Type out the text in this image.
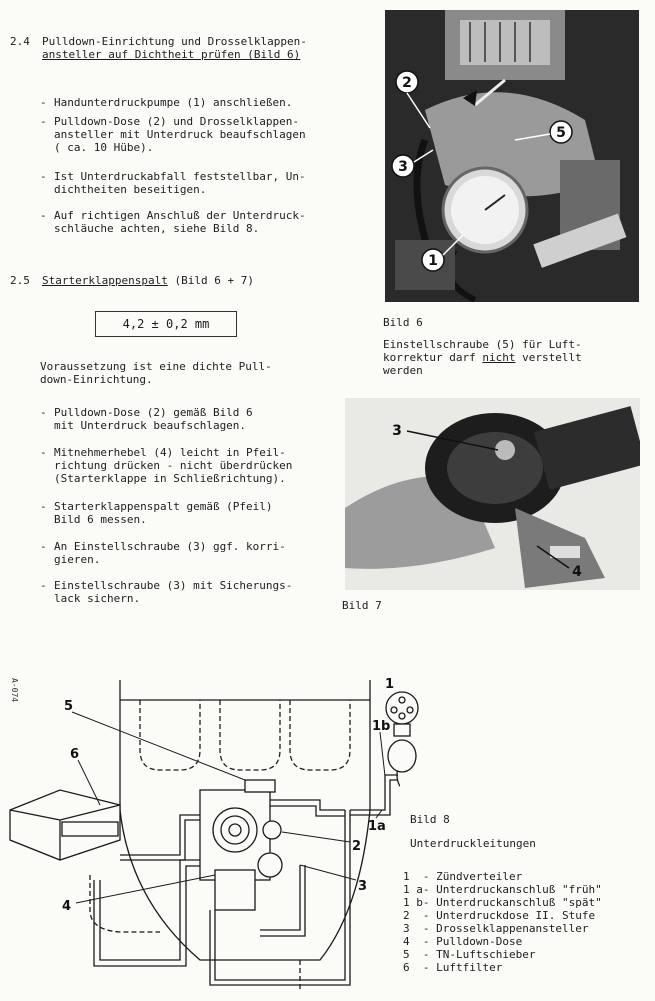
2.4 Pulldown-Einrichtung und Drosselklappen-
ansteller auf Dichtheit prüfen (Bild 6)
- Handunterdruckpumpe (1) anschließen.
- Pulldown-Dose (2) und Drosselklappen-
ansteller mit Unterdruck beaufschlagen
( ca. 10 Hübe).
- Ist Unterdruckabfall feststellbar, Un-
dichtheiten beseitigen.
- Auf richtigen Anschluß der Unterdruck-
schläuche achten, siehe Bild 8.
2.5 Starterklappenspalt (Bild 6 + 7)
4,2 ± 0,2 mm
Voraussetzung ist eine dichte Pull-
down-Einrichtung.
- Pulldown-Dose (2) gemäß Bild 6
mit Unterdruck beaufschlagen.
- Mitnehmerhebel (4) leicht in Pfeil-
richtung drücken - nicht überdrücken
(Starterklappe in Schließrichtung).
- Starterklappenspalt gemäß (Pfeil)
Bild 6 messen.
- An Einstellschraube (3) ggf. korri-
gieren.
- Einstellschraube (3) mit Sicherungs-
lack sichern.
2
5
3
1
Bild 6
Einstellschraube (5) für Luft-
korrektur darf nicht verstellt
werden
3
4
Bild 7
A-074
5
6
1
1b
1a
2
3
4
Bild 8
Unterdruckleitungen
1  - Zündverteiler
1 a- Unterdruckanschluß "früh"
1 b- Unterdruckanschluß "spät"
2  - Unterdruckdose II. Stufe
3  - Drosselklappenansteller
4  - Pulldown-Dose
5  - TN-Luftschieber
6  - Luftfilter
